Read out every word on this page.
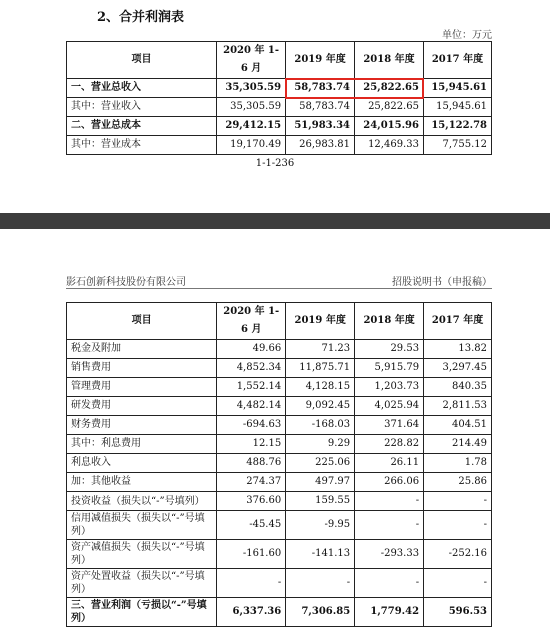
2、合并利润表
单位：万元
项目	2020 年 1-6 月	2019 年度	2018 年度	2017 年度
一、营业总收入	35,305.59	58,783.74	25,822.65	15,945.61
其中：营业收入	35,305.59	58,783.74	25,822.65	15,945.61
二、营业总成本	29,412.15	51,983.34	24,015.96	15,122.78
其中：营业成本	19,170.49	26,983.81	12,469.33	7,755.12
1-1-236
影石创新科技股份有限公司	招股说明书（申报稿）
项目	2020 年 1-6 月	2019 年度	2018 年度	2017 年度
税金及附加	49.66	71.23	29.53	13.82
销售费用	4,852.34	11,875.71	5,915.79	3,297.45
管理费用	1,552.14	4,128.15	1,203.73	840.35
研发费用	4,482.14	9,092.45	4,025.94	2,811.53
财务费用	-694.63	-168.03	371.64	404.51
其中：利息费用	12.15	9.29	228.82	214.49
利息收入	488.76	225.06	26.11	1.78
加：其他收益	274.37	497.97	266.06	25.86
投资收益（损失以“-”号填列）	376.60	159.55	-	-
信用减值损失（损失以“-”号填列）	-45.45	-9.95	-	-
资产减值损失（损失以“-”号填列）	-161.60	-141.13	-293.33	-252.16
资产处置收益（损失以“-”号填列）	-	-	-	-
三、营业利润（亏损以“-”号填列）	6,337.36	7,306.85	1,779.42	596.53
